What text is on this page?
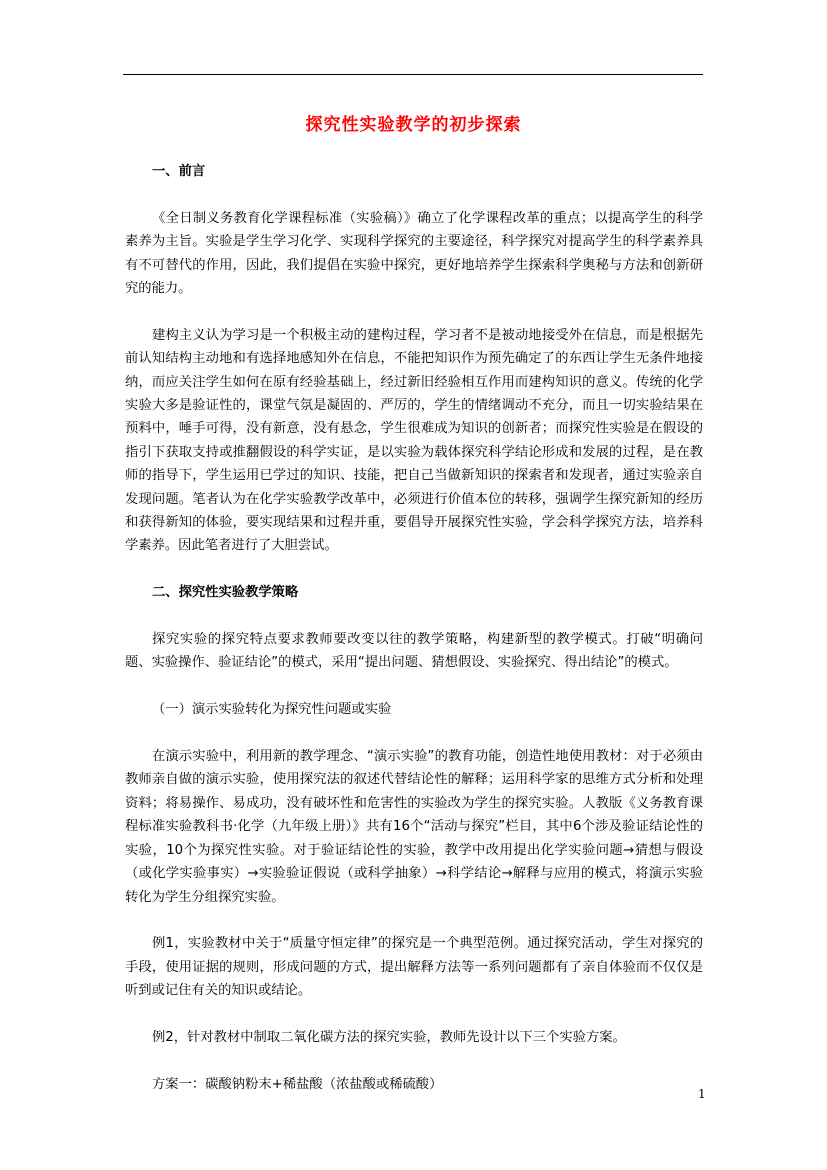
探究性实验教学的初步探索
一、前言

《全日制义务教育化学课程标准（实验稿）》确立了化学课程改革的重点；以提高学生的科学素养为主旨。实验是学生学习化学、实现科学探究的主要途径，科学探究对提高学生的科学素养具有不可替代的作用，因此，我们提倡在实验中探究，更好地培养学生探索科学奥秘与方法和创新研究的能力。

建构主义认为学习是一个积极主动的建构过程，学习者不是被动地接受外在信息，而是根据先前认知结构主动地和有选择地感知外在信息，不能把知识作为预先确定了的东西让学生无条件地接纳，而应关注学生如何在原有经验基础上，经过新旧经验相互作用而建构知识的意义。传统的化学实验大多是验证性的，课堂气氛是凝固的、严厉的，学生的情绪调动不充分，而且一切实验结果在预料中，唾手可得，没有新意，没有悬念，学生很难成为知识的创新者；而探究性实验是在假设的指引下获取支持或推翻假设的科学实证，是以实验为载体探究科学结论形成和发展的过程，是在教师的指导下，学生运用已学过的知识、技能，把自己当做新知识的探索者和发现者，通过实验亲自发现问题。笔者认为在化学实验教学改革中，必须进行价值本位的转移，强调学生探究新知的经历和获得新知的体验，要实现结果和过程并重，要倡导开展探究性实验，学会科学探究方法，培养科学素养。因此笔者进行了大胆尝试。

二、探究性实验教学策略

探究实验的探究特点要求教师要改变以往的教学策略，构建新型的教学模式。打破“明确问题、实验操作、验证结论”的模式，采用“提出问题、猜想假设、实验探究、得出结论”的模式。

（一）演示实验转化为探究性问题或实验

在演示实验中，利用新的教学理念、“演示实验”的教育功能，创造性地使用教材：对于必须由教师亲自做的演示实验，使用探究法的叙述代替结论性的解释；运用科学家的思维方式分析和处理资料；将易操作、易成功，没有破坏性和危害性的实验改为学生的探究实验。人教版《义务教育课程标准实验教科书·化学（九年级上册）》共有16个“活动与探究”栏目，其中6个涉及验证结论性的实验，10个为探究性实验。对于验证结论性的实验，教学中改用提出化学实验问题→猜想与假设（或化学实验事实）→实验验证假说（或科学抽象）→科学结论→解释与应用的模式，将演示实验转化为学生分组探究实验。

例1，实验教材中关于“质量守恒定律”的探究是一个典型范例。通过探究活动，学生对探究的手段，使用证据的规则，形成问题的方式，提出解释方法等一系列问题都有了亲自体验而不仅仅是听到或记住有关的知识或结论。

例2，针对教材中制取二氧化碳方法的探究实验，教师先设计以下三个实验方案。

方案一：碳酸钠粉末+稀盐酸（浓盐酸或稀硫酸）

1
